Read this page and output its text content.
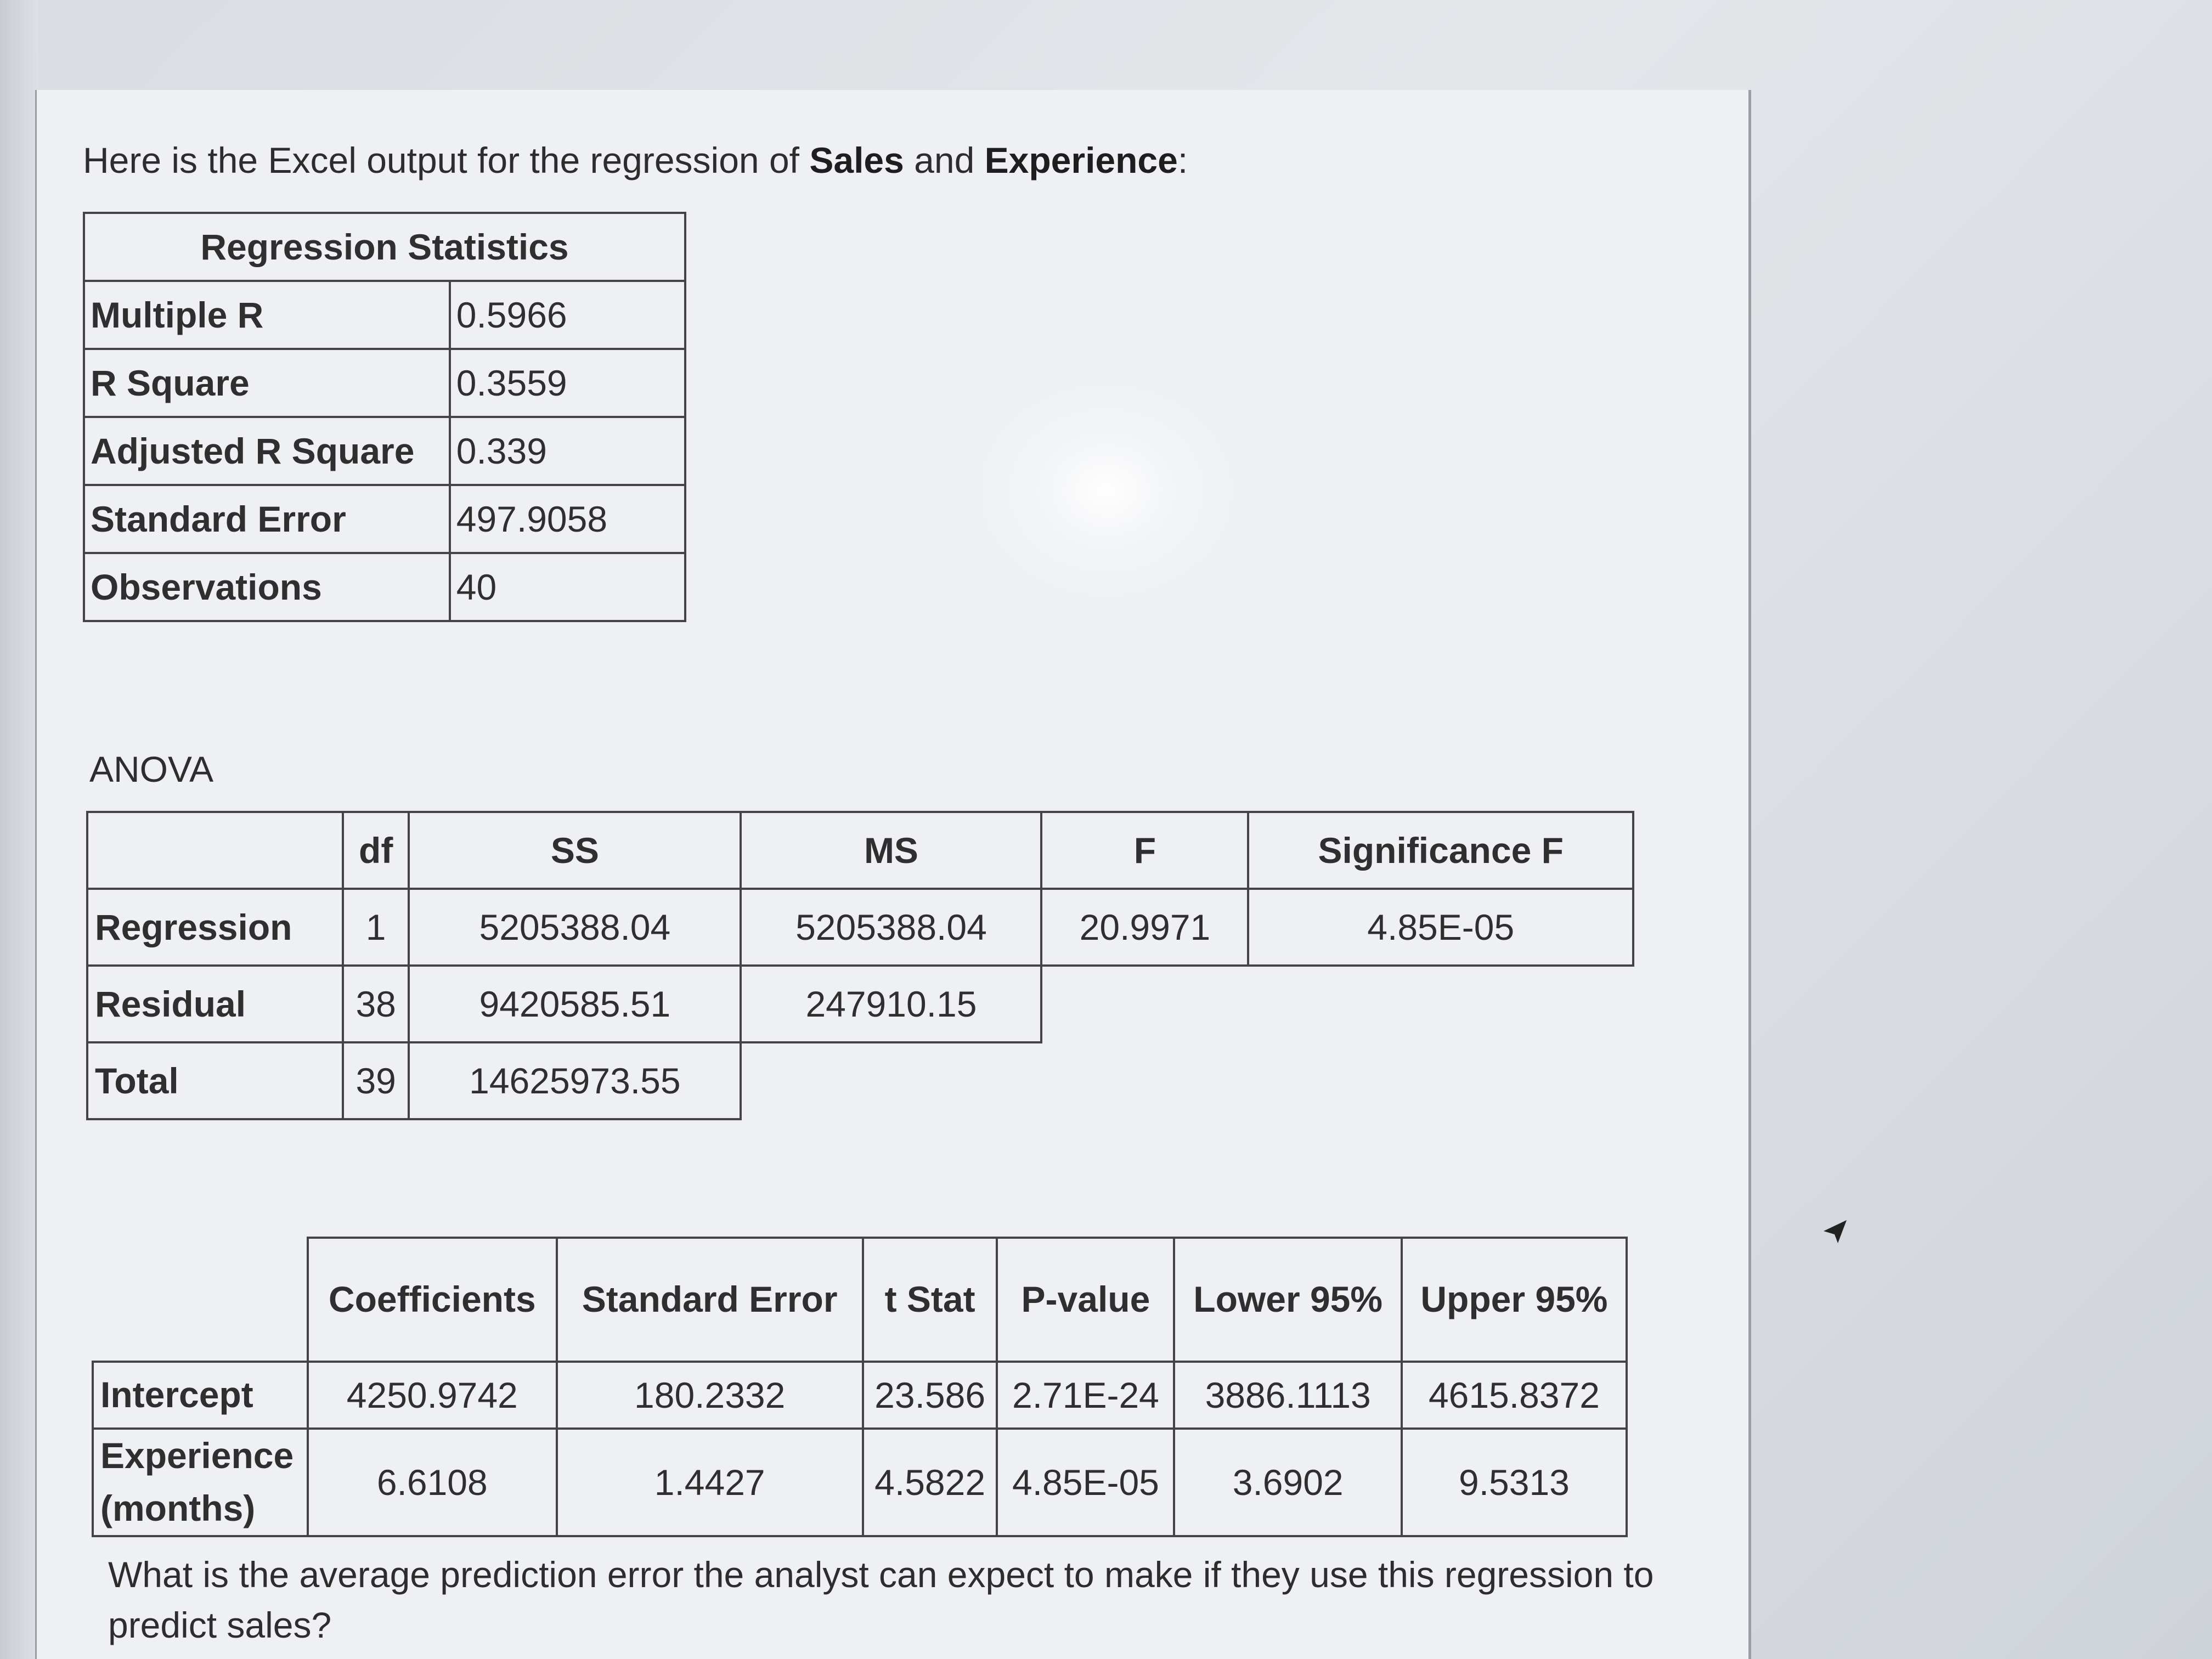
Here is the Excel output for the regression of Sales and Experience:
Regression Statistics	
Multiple R	0.5966
R Square	0.3559
Adjusted R Square	0.339
Standard Error	497.9058
Observations	40
ANOVA
	df	SS	MS	F	Significance F
Regression	1	5205388.04	5205388.04	20.9971	4.85E-05
Residual	38	9420585.51	247910.15		
Total	39	14625973.55			
	Coefficients	Standard Error	t Stat	P-value	Lower 95%	Upper 95%
Intercept	4250.9742	180.2332	23.586	2.71E-24	3886.1113	4615.8372
Experience (months)	6.6108	1.4427	4.5822	4.85E-05	3.6902	9.5313
What is the average prediction error the analyst can expect to make if they use this regression to predict sales?
